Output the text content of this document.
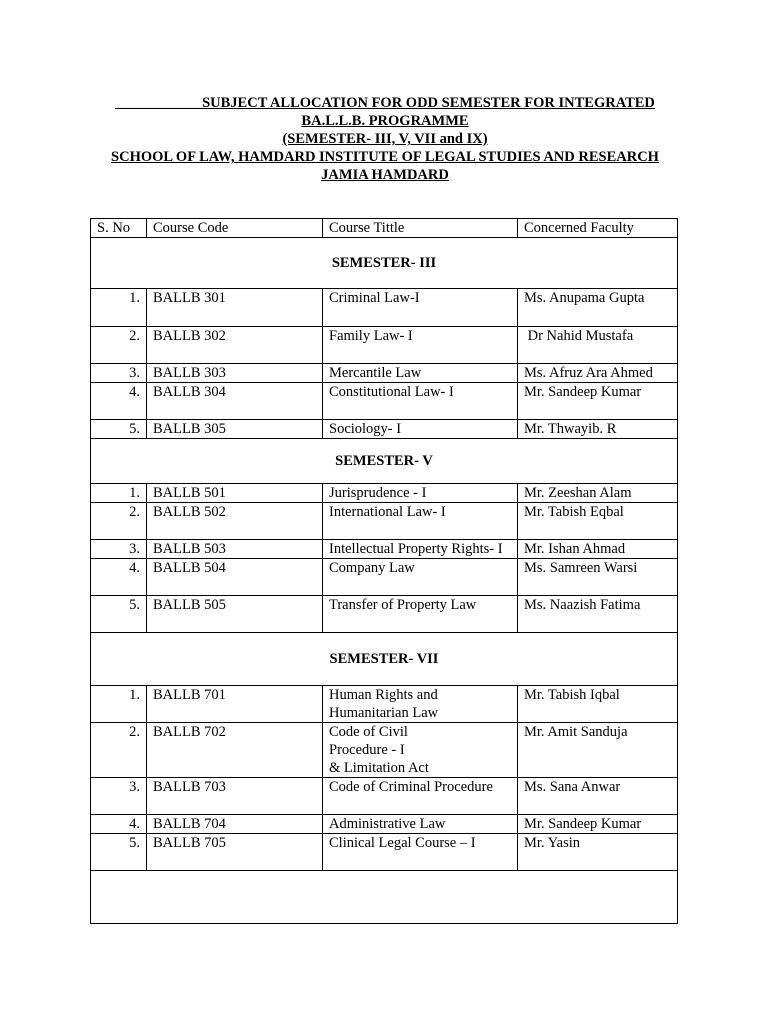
____________SUBJECT ALLOCATION FOR ODD SEMESTER FOR INTEGRATED
BA.L.L.B. PROGRAMME
(SEMESTER- III, V, VII and IX)
SCHOOL OF LAW, HAMDARD INSTITUTE OF LEGAL STUDIES AND RESEARCH
JAMIA HAMDARD
S. No	Course Code	Course Tittle	Concerned Faculty
SEMESTER- III			
1.	BALLB 301	Criminal Law-I	Ms. Anupama Gupta
2.	BALLB 302	Family Law- I	Dr Nahid Mustafa
3.	BALLB 303	Mercantile Law	Ms. Afruz Ara Ahmed
4.	BALLB 304	Constitutional Law- I	Mr. Sandeep Kumar
5.	BALLB 305	Sociology- I	Mr. Thwayib. R
SEMESTER- V			
1.	BALLB 501	Jurisprudence - I	Mr. Zeeshan Alam
2.	BALLB 502	International Law- I	Mr. Tabish Eqbal
3.	BALLB 503	Intellectual Property Rights- I	Mr. Ishan Ahmad
4.	BALLB 504	Company Law	Ms. Samreen Warsi
5.	BALLB 505	Transfer of Property Law	Ms. Naazish Fatima
SEMESTER- VII			
1.	BALLB 701	Human Rights and
Humanitarian Law	Mr. Tabish Iqbal
2.	BALLB 702	Code of Civil
Procedure - I
& Limitation Act	Mr. Amit Sanduja
3.	BALLB 703	Code of Criminal Procedure	Ms. Sana Anwar
4.	BALLB 704	Administrative Law	Mr. Sandeep Kumar
5.	BALLB 705	Clinical Legal Course – I	Mr. Yasin
